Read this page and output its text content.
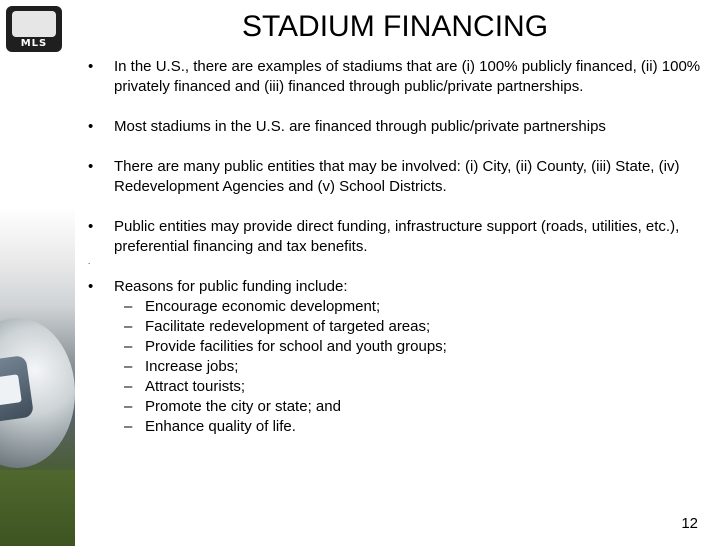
MLS
STADIUM FINANCING
• In the U.S., there are examples of stadiums that are (i) 100% publicly financed, (ii) 100% privately financed and (iii) financed through public/private partnerships.
• Most stadiums in the U.S. are financed through public/private partnerships
• There are many public entities that may be involved: (i) City, (ii) County, (iii) State, (iv) Redevelopment Agencies and (v) School Districts.
• Public entities may provide direct funding, infrastructure support (roads, utilities, etc.), preferential financing and tax benefits.
• Reasons for public funding include:
– Encourage economic development;
– Facilitate redevelopment of targeted areas;
– Provide facilities for school and youth groups;
– Increase jobs;
– Attract tourists;
– Promote the city or state; and
– Enhance quality of life.
.
12
